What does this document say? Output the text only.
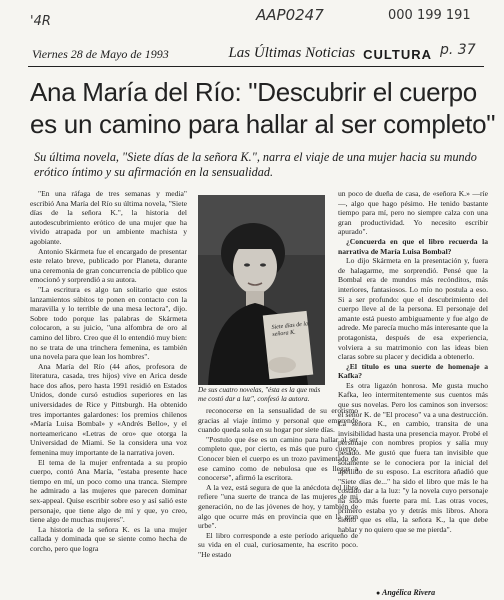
'4R	AAP0247	000 199 191
p. 37
Viernes 28 de Mayo de 1993	Las Últimas Noticias CULTURA
Ana María del Río: "Descubrir el cuerpo
es un camino para hallar al ser completo"
Su última novela, "Siete días de la señora K.", narra el viaje de una mujer hacia su mundo erótico íntimo y su afirmación en la sensualidad.

"En una ráfaga de tres semanas y media" escribió Ana María del Río su última novela, "Siete días de la señora K.", la historia del autodescubrimiento erótico de una mujer que ha vivido atrapada por un ambiente machista y agobiante.

Antonio Skármeta fue el encargado de presentar este relato breve, publicado por Planeta, durante una ceremonia de gran concurrencia de público que emocionó y sorprendió a su autora.

"La escritura es algo tan solitario que estos lanzamientos súbitos te ponen en contacto con la maravilla y lo terrible de una mesa lectora", dijo. Sobre todo porque las palabras de Skármeta colocaron, a su juicio, "una alfombra de oro al camino del libro. Creo que él lo entendió muy bien: no se trata de una trinchera femenina, es también una novela para que lean los hombres".

Ana María del Río (44 años, profesora de literatura, casada, tres hijos) vive en Arica desde hace dos años, pero hasta 1991 residió en Estados Unidos, donde cursó estudios superiores en las universidades de Rice y Pittsburgh. Ha obtenido tres importantes galardones: los premios chilenos «María Luisa Bombal» y «Andrés Bello», y el norteamericano «Letras de oro» que otorga la Universidad de Miami. Se la considera una voz femenina muy importante de la narrativa joven.

El tema de la mujer enfrentada a su propio cuerpo, contó Ana María, "estaba presente hace tiempo en mí, un poco como una tranca. Siempre he admirado a las mujeres que parecen dominar sex-appeal. Quise escribir sobre eso y así salió este personaje, que tiene algo de mí y que, yo creo, tiene algo de muchas mujeres".

La historia de la señora K. es la una mujer callada y dominada que se siente como hecha de corcho, pero que logra

Siete días de la señora K.
De sus cuatro novelas, "ésta es la que más me costó dar a luz", confesó la autora.

reconocerse en la sensualidad de su erotismo gracias al viaje íntimo y personal que emprende cuando queda sola en su hogar por siete días.

"Postulo que ése es un camino para hallar al ser completo que, por cierto, es más que puro cuerpo. Conocer bien el cuerpo es un trozo pavimentado de ese camino como de nebulosa que es llegar a conocerse", afirmó la escritora.

A la vez, está segura de que la anécdota del libro refiere "una suerte de tranca de las mujeres de mi generación, no de las jóvenes de hoy, y también de algo que ocurre más en provincia que en la gran urbe".

El libro corresponde a este período ariqueño de su vida en el cual, curiosamente, ha escrito poco. "He estado

un poco de dueña de casa, de «señora K.» —ríe—, algo que hago pésimo. He tenido bastante tiempo para mí, pero no siempre calza con una gran productividad. Yo necesito escribir apurado".

¿Concuerda en que el libro recuerda la narrativa de María Luisa Bombal?

Lo dijo Skármeta en la presentación y, fuera de halagarme, me sorprendió. Pensé que la Bombal era de mundos más recónditos, más interiores, fantasiosos. Lo mío no postula a eso. Si a ser profundo: que el descubrimiento del cuerpo lleve al de la persona. El personaje del amante está puesto ambiguamente y fue algo de adrede. Me parecía mucho más interesante que la protagonista, después de esa experiencia, volviera a su matrimonio con las ideas bien claras sobre su placer y decidida a obtenerlo.

¿El título es una suerte de homenaje a Kafka?

Es otra ligazón honrosa. Me gusta mucho Kafka, leo intermitentemente sus cuentos más que sus novelas. Pero los caminos son inversos: el señor K. de "El proceso" va a una destrucción. La señora K., en cambio, transita de una invisibilidad hasta una presencia mayor. Probé el personaje con nombres propios y salía muy pesado. Me gustó que fuera tan invisible que solamente se le conociera por la inicial del apellido de su esposo. La escritora añadió que "Siete días de..." ha sido el libro que más le ha costado dar a la luz: "y la novela cuyo personaje ha sido más fuerte para mí. Las otras voces, primero estaba yo y detrás mis libros. Ahora siento que es ella, la señora K., la que debe hablar y no quiero que se me pierda".

● Angélica Rivera
